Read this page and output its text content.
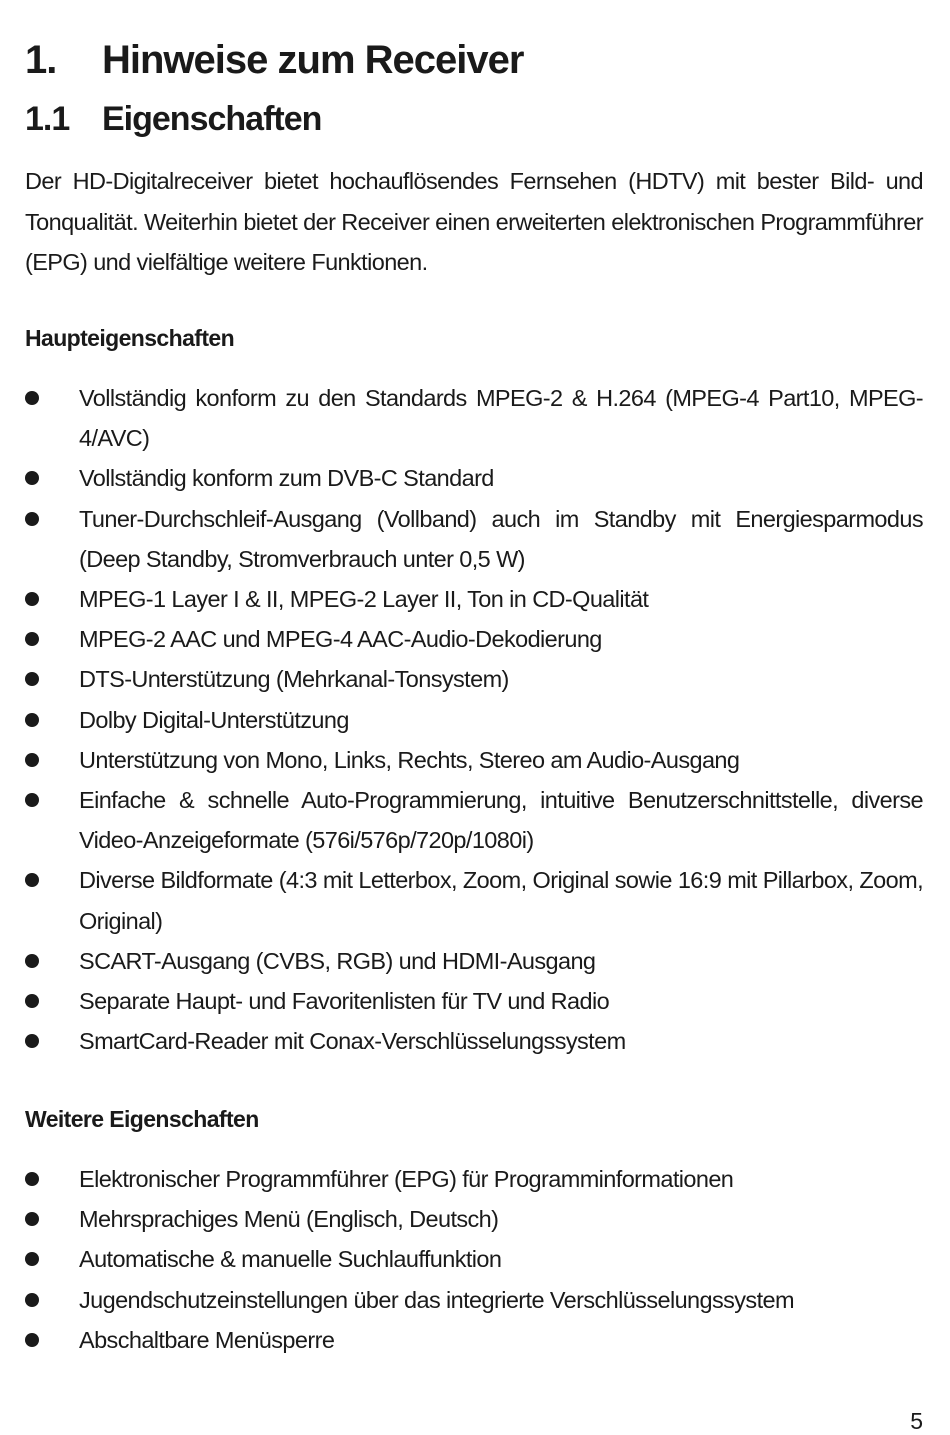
1. Hinweise zum Receiver
1.1 Eigenschaften

Der HD-Digitalreceiver bietet hochauflösendes Fernsehen (HDTV) mit bester Bild- und Tonqualität. Weiterhin bietet der Receiver einen erweiterten elektronischen Programmführer (EPG) und vielfältige weitere Funktionen.

Haupteigenschaften
Vollständig konform zu den Standards MPEG-2 & H.264 (MPEG-4 Part10, MPEG-4/AVC)
Vollständig konform zum DVB-C Standard
Tuner-Durchschleif-Ausgang (Vollband) auch im Standby mit Energiesparmodus (Deep Standby, Stromverbrauch unter 0,5 W)
MPEG-1 Layer I & II, MPEG-2 Layer II, Ton in CD-Qualität
MPEG-2 AAC und MPEG-4 AAC-Audio-Dekodierung
DTS-Unterstützung (Mehrkanal-Tonsystem)
Dolby Digital-Unterstützung
Unterstützung von Mono, Links, Rechts, Stereo am Audio-Ausgang
Einfache & schnelle Auto-Programmierung, intuitive Benutzerschnittstelle, diverse Video-Anzeigeformate (576i/576p/720p/1080i)
Diverse Bildformate (4:3 mit Letterbox, Zoom, Original sowie 16:9 mit Pillarbox, Zoom, Original)
SCART-Ausgang (CVBS, RGB) und HDMI-Ausgang
Separate Haupt- und Favoritenlisten für TV und Radio
SmartCard-Reader mit Conax-Verschlüsselungssystem
Weitere Eigenschaften
Elektronischer Programmführer (EPG) für Programminformationen
Mehrsprachiges Menü (Englisch, Deutsch)
Automatische & manuelle Suchlauffunktion
Jugendschutzeinstellungen über das integrierte Verschlüsselungssystem
Abschaltbare Menüsperre
5
